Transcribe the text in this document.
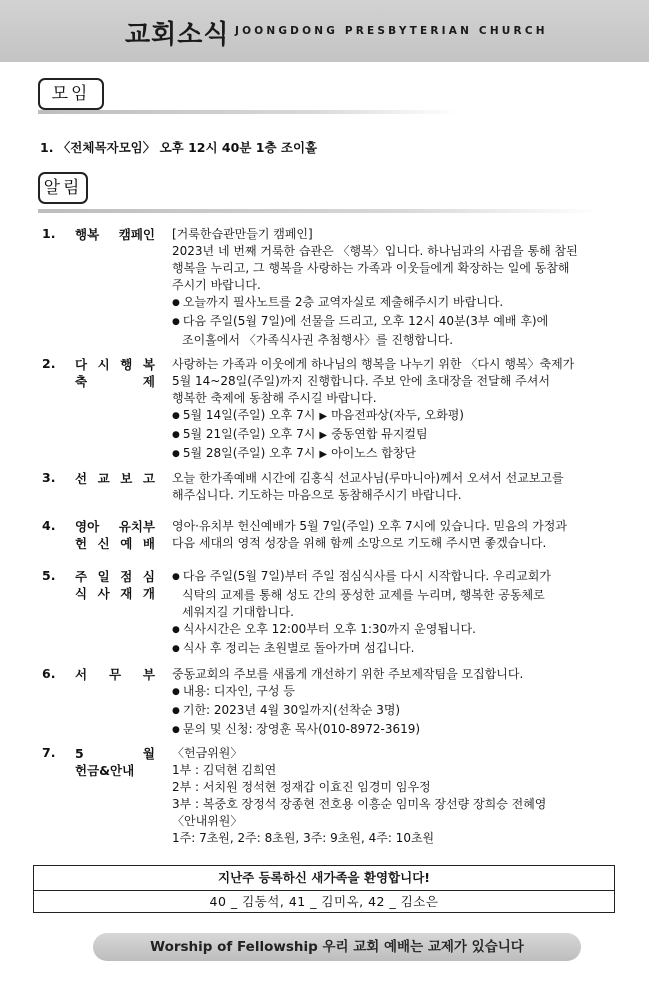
교회소식 JOONGDONG PRESBYTERIAN CHURCH
모임
1. 〈전체목자모임〉 오후 12시 40분 1층 조이홀
알림
1. 행복 캠페인 [거룩한습관만들기 캠페인]
2023년 네 번째 거룩한 습관은 〈행복〉입니다. 하나님과의 사귐을 통해 참된
행복을 누리고, 그 행복을 사랑하는 가족과 이웃들에게 확장하는 일에 동참해
주시기 바랍니다.
● 오늘까지 필사노트를 2층 교역자실로 제출해주시기 바랍니다.
● 다음 주일(5월 7일)에 선물을 드리고, 오후 12시 40분(3부 예배 후)에
조이홀에서 〈가족식사권 추첨행사〉를 진행합니다.
2. 다 시 행 복
축 제
사랑하는 가족과 이웃에게 하나님의 행복을 나누기 위한 〈다시 행복〉축제가
5월 14~28일(주일)까지 진행합니다. 주보 안에 초대장을 전달해 주셔서
행복한 축제에 동참해 주시길 바랍니다.
● 5월 14일(주일) 오후 7시 ▶ 마음전파상(자두, 오화평)
● 5월 21일(주일) 오후 7시 ▶ 중동연합 뮤지컬팀
● 5월 28일(주일) 오후 7시 ▶ 아이노스 합창단
3. 선 교 보 고 오늘 한가족예배 시간에 김홍식 선교사님(루마니아)께서 오셔서 선교보고를
해주십니다. 기도하는 마음으로 동참해주시기 바랍니다.
4. 영아 유치부
헌 신 예 배
영아·유치부 헌신예배가 5월 7일(주일) 오후 7시에 있습니다. 믿음의 가정과
다음 세대의 영적 성장을 위해 함께 소망으로 기도해 주시면 좋겠습니다.
5. 주 일 점 심
식 사 재 개
● 다음 주일(5월 7일)부터 주일 점심식사를 다시 시작합니다. 우리교회가
식탁의 교제를 통해 성도 간의 풍성한 교제를 누리며, 행복한 공동체로
세워지길 기대합니다.
● 식사시간은 오후 12:00부터 오후 1:30까지 운영됩니다.
● 식사 후 정리는 초원별로 돌아가며 섬깁니다.
6. 서 무 부 중동교회의 주보를 새롭게 개선하기 위한 주보제작팀을 모집합니다.
● 내용: 디자인, 구성 등
● 기한: 2023년 4월 30일까지(선착순 3명)
● 문의 및 신청: 장영훈 목사(010-8972-3619)
7. 5 월
헌금&안내
〈헌금위원〉
1부 : 김덕현 김희연
2부 : 서치원 정석현 정재갑 이효진 임경미 임우정
3부 : 복중호 장정석 장종현 전호용 이흥순 임미옥 장선량 장희승 전혜영
〈안내위원〉
1주: 7초원, 2주: 8초원, 3주: 9초원, 4주: 10초원
지난주 등록하신 새가족을 환영합니다!
40 _ 김동석, 41 _ 김미옥, 42 _ 김소은
Worship of Fellowship 우리 교회 예배는 교제가 있습니다
